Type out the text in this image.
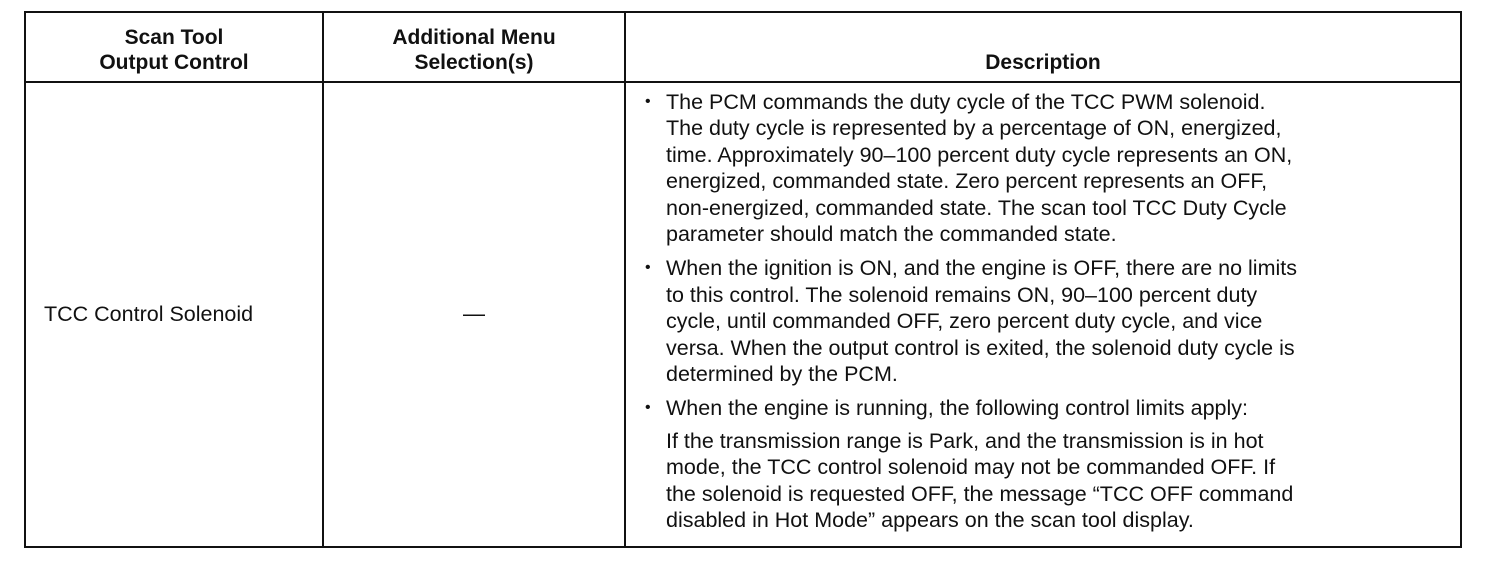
Scan Tool
Output Control
Additional Menu
Selection(s)	Description
TCC Control Solenoid	—
• The PCM commands the duty cycle of the TCC PWM solenoid.
The duty cycle is represented by a percentage of ON, energized,
time. Approximately 90–100 percent duty cycle represents an ON,
energized, commanded state. Zero percent represents an OFF,
non-energized, commanded state. The scan tool TCC Duty Cycle
parameter should match the commanded state.
• When the ignition is ON, and the engine is OFF, there are no limits
to this control. The solenoid remains ON, 90–100 percent duty
cycle, until commanded OFF, zero percent duty cycle, and vice
versa. When the output control is exited, the solenoid duty cycle is
determined by the PCM.
• When the engine is running, the following control limits apply:
If the transmission range is Park, and the transmission is in hot
mode, the TCC control solenoid may not be commanded OFF. If
the solenoid is requested OFF, the message “TCC OFF command
disabled in Hot Mode” appears on the scan tool display.
